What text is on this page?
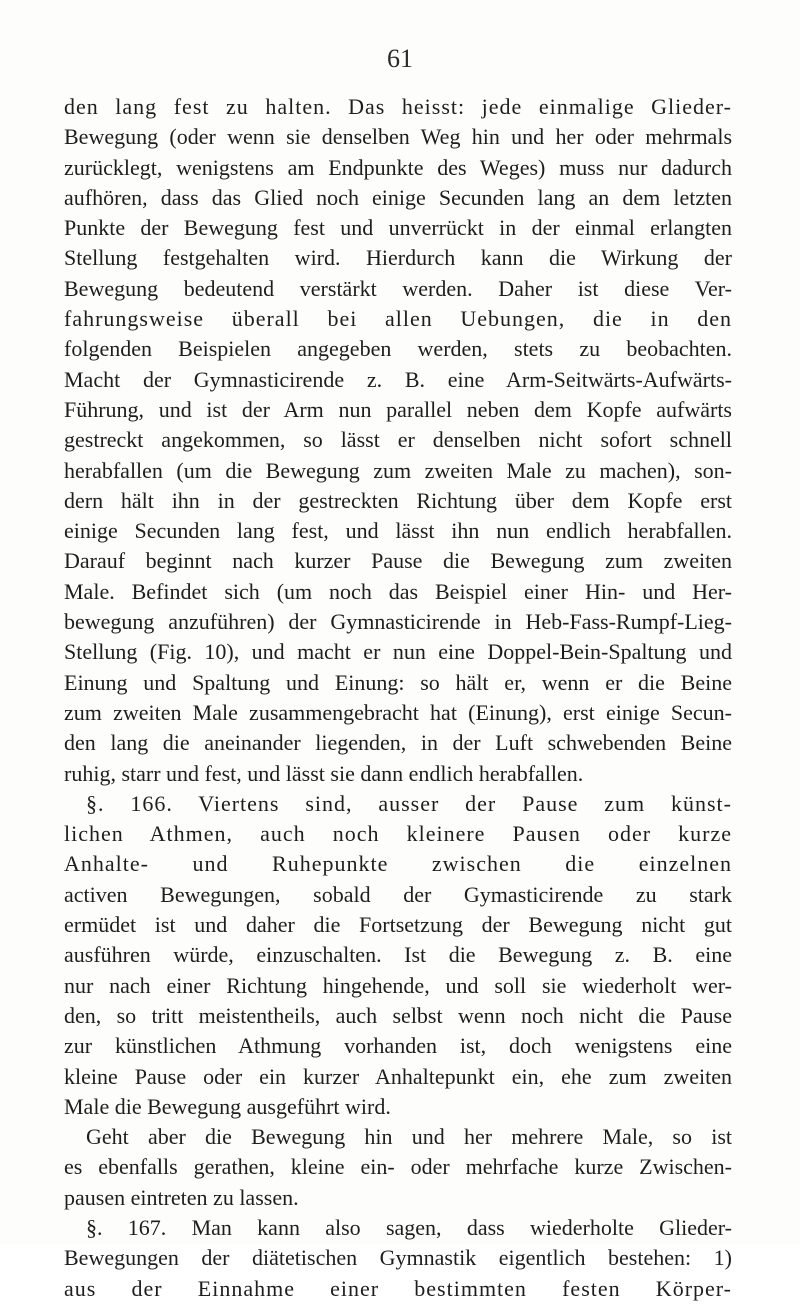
61
den lang fest zu halten. Das heisst: jede einmalige Glieder-
Bewegung (oder wenn sie denselben Weg hin und her oder mehrmals
zurücklegt, wenigstens am Endpunkte des Weges) muss nur dadurch
aufhören, dass das Glied noch einige Secunden lang an dem letzten
Punkte der Bewegung fest und unverrückt in der einmal erlangten
Stellung festgehalten wird. Hierdurch kann die Wirkung der
Bewegung bedeutend verstärkt werden. Daher ist diese Ver-
fahrungsweise überall bei allen Uebungen, die in den
folgenden Beispielen angegeben werden, stets zu beobachten.
Macht der Gymnasticirende z. B. eine Arm-Seitwärts-Aufwärts-
Führung, und ist der Arm nun parallel neben dem Kopfe aufwärts
gestreckt angekommen, so lässt er denselben nicht sofort schnell
herabfallen (um die Bewegung zum zweiten Male zu machen), son-
dern hält ihn in der gestreckten Richtung über dem Kopfe erst
einige Secunden lang fest, und lässt ihn nun endlich herabfallen.
Darauf beginnt nach kurzer Pause die Bewegung zum zweiten
Male. Befindet sich (um noch das Beispiel einer Hin- und Her-
bewegung anzuführen) der Gymnasticirende in Heb-Fass-Rumpf-Lieg-
Stellung (Fig. 10), und macht er nun eine Doppel-Bein-Spaltung und
Einung und Spaltung und Einung: so hält er, wenn er die Beine
zum zweiten Male zusammengebracht hat (Einung), erst einige Secun-
den lang die aneinander liegenden, in der Luft schwebenden Beine
ruhig, starr und fest, und lässt sie dann endlich herabfallen.
§. 166. Viertens sind, ausser der Pause zum künst-
lichen Athmen, auch noch kleinere Pausen oder kurze
Anhalte- und Ruhepunkte zwischen die einzelnen
activen Bewegungen, sobald der Gymasticirende zu stark
ermüdet ist und daher die Fortsetzung der Bewegung nicht gut
ausführen würde, einzuschalten. Ist die Bewegung z. B. eine
nur nach einer Richtung hingehende, und soll sie wiederholt wer-
den, so tritt meistentheils, auch selbst wenn noch nicht die Pause
zur künstlichen Athmung vorhanden ist, doch wenigstens eine
kleine Pause oder ein kurzer Anhaltepunkt ein, ehe zum zweiten
Male die Bewegung ausgeführt wird.
Geht aber die Bewegung hin und her mehrere Male, so ist
es ebenfalls gerathen, kleine ein- oder mehrfache kurze Zwischen-
pausen eintreten zu lassen.
§. 167. Man kann also sagen, dass wiederholte Glieder-
Bewegungen der diätetischen Gymnastik eigentlich bestehen: 1)
aus der Einnahme einer bestimmten festen Körper-
